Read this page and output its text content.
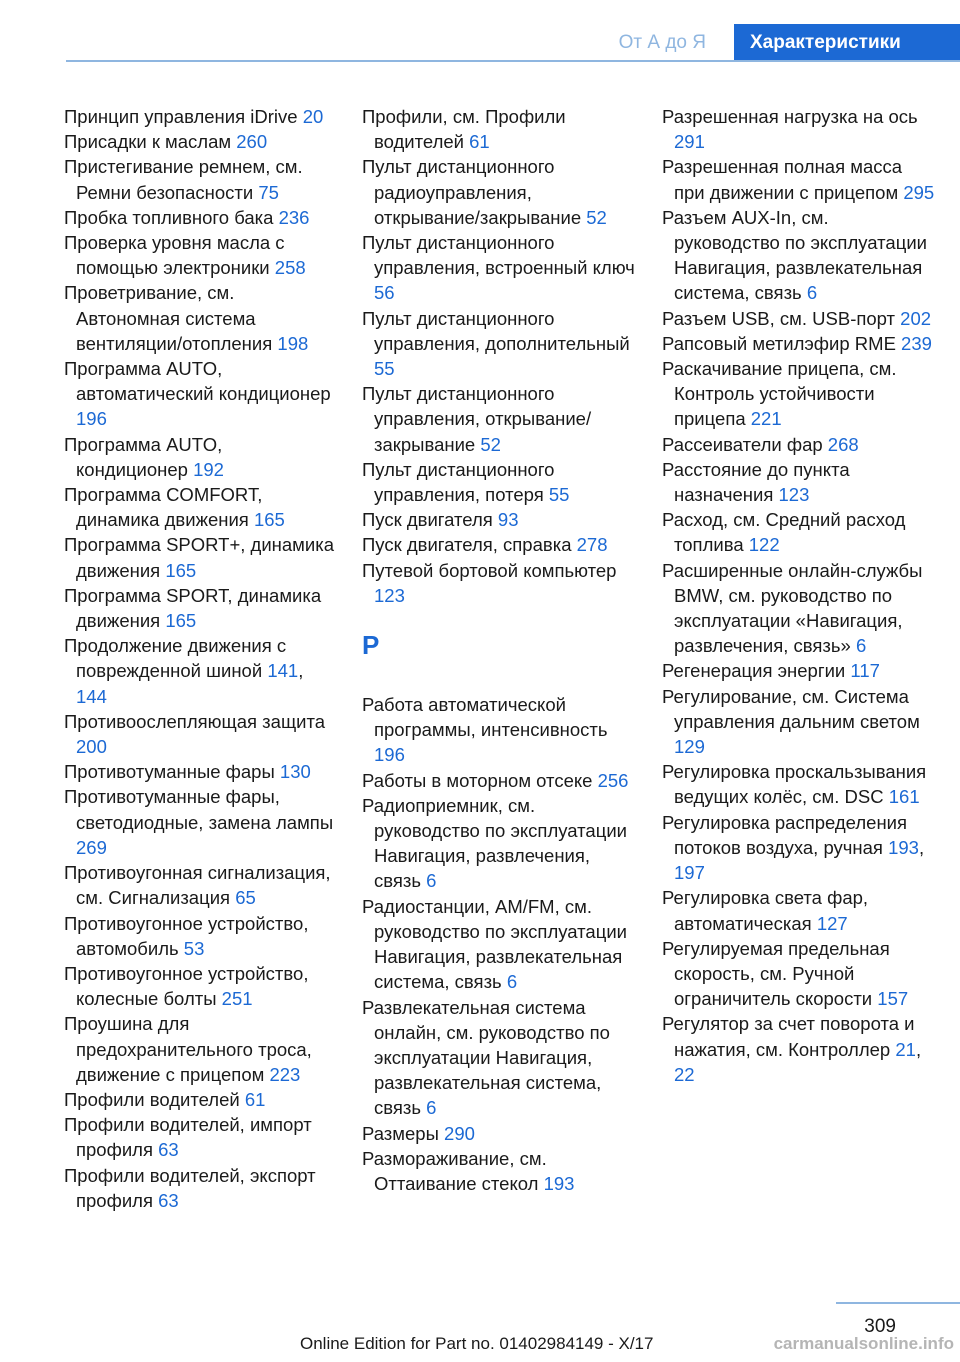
От А до Я	Характеристики

Принцип управления iDrive 20

Присадки к маслам 260

Пристегивание ремнем, см. Ремни безопасности 75

Пробка топливного бака 236

Проверка уровня масла с помощью электроники 258

Проветривание, см. Автономная система вентиляции/отопления 198

Программа AUTO, автоматический кондиционер 196

Программа AUTO, кондиционер 192

Программа COMFORT, динамика движения 165

Программа SPORT+, динамика движения 165

Программа SPORT, динамика движения 165

Продолжение движения с поврежденной шиной 141, 144

Противоослепляющая защита 200

Противотуманные фары 130

Противотуманные фары, светодиодные, замена лампы 269

Противоугонная сигнализация, см. Сигнализация 65

Противоугонное устройство, автомобиль 53

Противоугонное устройство, колесные болты 251

Проушина для предохранительного троса, движение с прицепом 223

Профили водителей 61

Профили водителей, импорт профиля 63

Профили водителей, экспорт профиля 63

Профили, см. Профили водителей 61

Пульт дистанционного радиоуправления, открывание/закрывание 52

Пульт дистанционного управления, встроенный ключ 56

Пульт дистанционного управления, дополнительный 55

Пульт дистанционного управления, открывание/закрывание 52

Пульт дистанционного управления, потеря 55

Пуск двигателя 93

Пуск двигателя, справка 278

Путевой бортовой компьютер 123

Р

Работа автоматической программы, интенсивность 196

Работы в моторном отсеке 256

Радиоприемник, см. руководство по эксплуатации Навигация, развлечения, связь 6

Радиостанции, AM/FM, см. руководство по эксплуатации Навигация, развлекательная система, связь 6

Развлекательная система онлайн, см. руководство по эксплуатации Навигация, развлекательная система, связь 6

Размеры 290

Размораживание, см. Оттаивание стекол 193

Разрешенная нагрузка на ось 291

Разрешенная полная масса при движении с прицепом 295

Разъем AUX-In, см. руководство по эксплуатации Навигация, развлекательная система, связь 6

Разъем USB, см. USB-порт 202

Рапсовый метилэфир RME 239

Раскачивание прицепа, см. Контроль устойчивости прицепа 221

Рассеиватели фар 268

Расстояние до пункта назначения 123

Расход, см. Средний расход топлива 122

Расширенные онлайн-службы BMW, см. руководство по эксплуатации «Навигация, развлечения, связь» 6

Регенерация энергии 117

Регулирование, см. Система управления дальним светом 129

Регулировка проскальзывания ведущих колёс, см. DSC 161

Регулировка распределения потоков воздуха, ручная 193, 197

Регулировка света фар, автоматическая 127

Регулируемая предельная скорость, см. Ручной ограничитель скорости 157

Регулятор за счет поворота и нажатия, см. Контроллер 21, 22

309
Online Edition for Part no. 01402984149 - X/17	carmanualsonline.info
